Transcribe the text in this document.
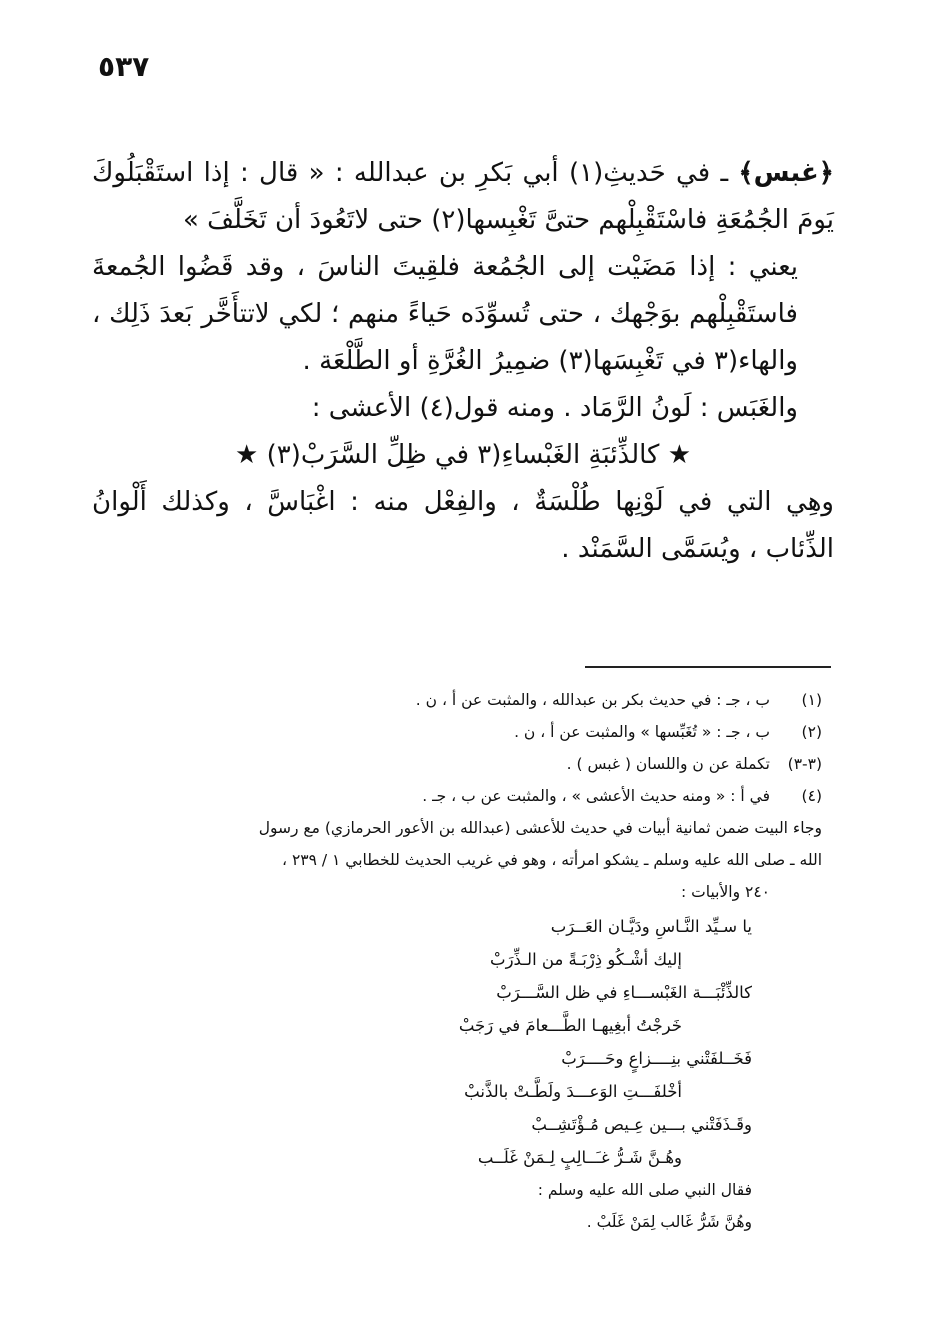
٥٣٧

﴿غبس﴾ ـ في حَديثِ(١) أبي بَكرِ بن عبدالله : « قال : إذا استَقْبَلُوكَ يَومَ الجُمُعَةِ فاسْتَقْبِلْهم حتىَّ تَغْبِسها(٢) حتى لاتَعُودَ أن تَخَلَّفَ »

يعني : إذا مَضَيْت إلى الجُمُعة فلقِيتَ الناسَ ، وقد قَضُوا الجُمعةَ فاستَقْبِلْهم بوَجْهك ، حتى تُسوِّدَه حَياءً منهم ؛ لكي لاتتأَخَّر بَعدَ ذَلِك ، والهاء(٣ في تَغْبِسَها(٣) ضمِيرُ الغُرَّةِ أو الطَّلْعَة .

والغَبَس : لَونُ الرَّمَاد . ومنه قول(٤) الأعشى :

★ كالذِّئبَةِ الغَبْساءِ(٣ في ظِلِّ السَّرَبْ(٣) ★

وهِي التي في لَوْنِها طُلْسَةٌ ، والفِعْل منه : اغْبَاسَّ ، وكذلك أَلْوانُ الذِّئاب ، ويُسَمَّى السَّمَنْد .

(١)
ب ، جـ : في حديث بكر بن عبدالله ، والمثبت عن أ ، ن .
(٢)
ب ، جـ : « تُغَبِّسها » والمثبت عن أ ، ن .
(٣-٣)
تكملة عن ن واللسان ( غبس ) .
(٤)
في أ : « ومنه حديث الأعشى » ، والمثبت عن ب ، جـ .
وجاء البيت ضمن ثمانية أبيات في حديث للأعشى (عبدالله بن الأعور الحرمازي) مع رسول
الله ـ صلى الله عليه وسلم ـ يشكو امرأته ، وهو في غريب الحديث للخطابي ١ / ٢٣٩ ،
٢٤٠ والأبيات :
يا سـيِّد النَّـاسِ ودَيَّـان العَــرَب
إليك أشْـكُو ذِرْبَـةً من الـذِّرَبْ
كالذِّئْبَـــة الغَبْســـاءِ في ظل السَّـــرَبْ
خَرجْتُ أبغِيهـا الطَّـــعامَ في رَجَبْ
فَخَــلفَتْني بنِــــزاعٍ وحَــــرَبْ
أخْلفَـــتِ الوَعـــدَ ولَطَّـتْ بالذَّنبْ
وقَـذَفَتْني بـــين عِـيص مُـؤْتَشِــبْ
وهُـنَّ شَـرُّ غـَــالِبٍ لِـمَنْ غَلَــب
فقال النبي صلى الله عليه وسلم :
وهُنَّ شَرُّ غَالب لِمَنْ غَلَبْ .
